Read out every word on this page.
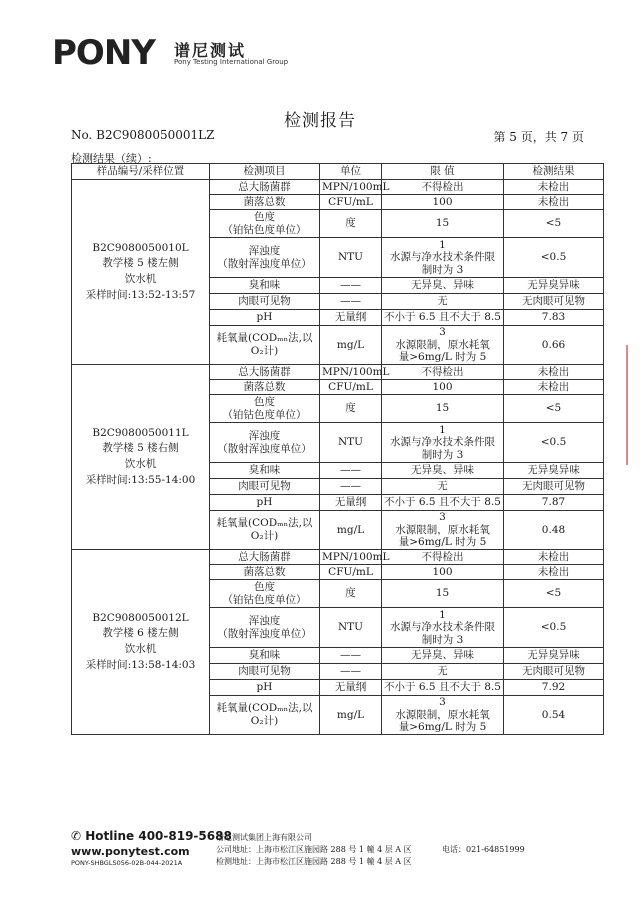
PONY 谱尼测试
Pony Testing International Group
检测报告
No. B2C9080050001LZ	第 5 页，共 7 页
检测结果（续）:
样品编号/采样位置	检测项目	单位	限 值	检测结果

B2C9080050010L
教学楼 5 楼左侧
饮水机
采样时间:13:52-13:57	总大肠菌群	MPN/100mL	不得检出	未检出

	菌落总数	CFU/mL	100	未检出

	色度
（铂钴色度单位）	度	15	<5

	浑浊度
（散射浑浊度单位）	NTU	1
水源与净水技术条件限
制时为 3	<0.5

	臭和味	——	无异臭、异味	无异臭异味

	肉眼可见物	——	无	无肉眼可见物

	pH	无量纲	不小于 6.5 且不大于 8.5	7.83

	耗氧量(CODₘₙ法,以
O₂计)	mg/L	3
水源限制，原水耗氧
量>6mg/L 时为 5	0.66

B2C9080050011L
教学楼 5 楼右侧
饮水机
采样时间:13:55-14:00	总大肠菌群	MPN/100mL	不得检出	未检出

	菌落总数	CFU/mL	100	未检出

	色度
（铂钴色度单位）	度	15	<5

	浑浊度
（散射浑浊度单位）	NTU	1
水源与净水技术条件限
制时为 3	<0.5

	臭和味	——	无异臭、异味	无异臭异味

	肉眼可见物	——	无	无肉眼可见物

	pH	无量纲	不小于 6.5 且不大于 8.5	7.87

	耗氧量(CODₘₙ法,以
O₂计)	mg/L	3
水源限制，原水耗氧
量>6mg/L 时为 5	0.48

B2C9080050012L
教学楼 6 楼左侧
饮水机
采样时间:13:58-14:03	总大肠菌群	MPN/100mL	不得检出	未检出

	菌落总数	CFU/mL	100	未检出

	色度
（铂钴色度单位）	度	15	<5

	浑浊度
（散射浑浊度单位）	NTU	1
水源与净水技术条件限
制时为 3	<0.5

	臭和味	——	无异臭、异味	无异臭异味

	肉眼可见物	——	无	无肉眼可见物

	pH	无量纲	不小于 6.5 且不大于 8.5	7.92

	耗氧量(CODₘₙ法,以
O₂计)	mg/L	3
水源限制，原水耗氧
量>6mg/L 时为 5	0.54
✆ Hotline 400-819-5688
www.ponytest.com
PONY-SHBGLS056-02B-044-2021A
谱尼测试集团上海有限公司
公司地址：上海市松江区施园路 288 号 1 幢 4 层 A 区
检测地址：上海市松江区施园路 288 号 1 幢 4 层 A 区
电话：021-64851999
